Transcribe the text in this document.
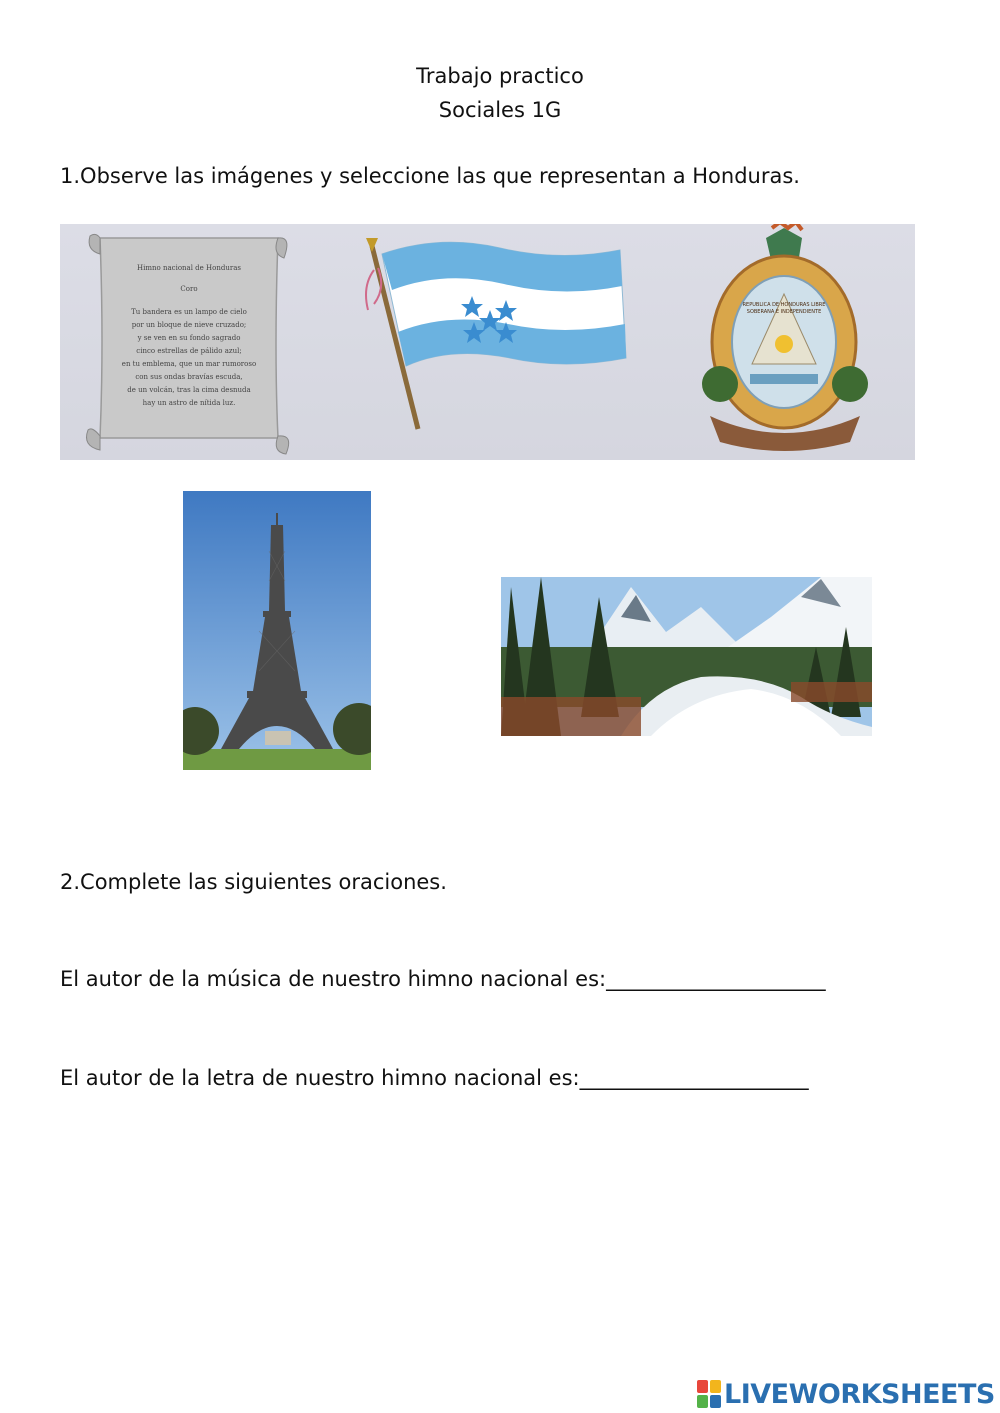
Trabajo practico
Sociales 1G
1.Observe las imágenes y seleccione las que representan a Honduras.
Himno nacional de Honduras
Coro
Tu bandera es un lampo de cielo
por un bloque de nieve cruzado;
y se ven en su fondo sagrado
cinco estrellas de pálido azul;
en tu emblema, que un mar rumoroso
con sus ondas bravías escuda,
de un volcán, tras la cima desnuda
hay un astro de nítida luz.
REPUBLICA DE HONDURAS LIBRE SOBERANA E INDEPENDIENTE
2.Complete las siguientes oraciones.
El autor de la música de nuestro himno nacional es:_______________________
El autor de la letra de nuestro himno nacional es:________________________
LIVEWORKSHEETS
